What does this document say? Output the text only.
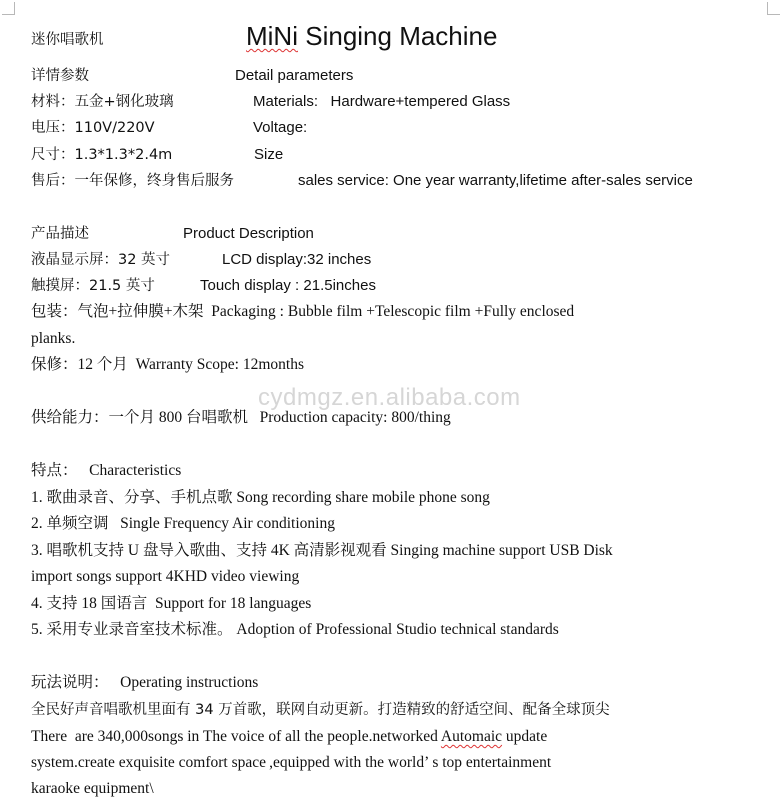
迷你唱歌机	MiNi Singing Machine
详情参数	Detail parameters
材料：五金+钢化玻璃	Materials:   Hardware+tempered Glass
电压：110V/220V	Voltage:
尺寸：1.3*1.3*2.4m	Size
售后：一年保修，终身售后服务	sales service: One year warranty,lifetime after-sales service
产品描述	Product Description
液晶显示屏：32 英寸	LCD display:32 inches
触摸屏：21.5 英寸	Touch display : 21.5inches
包装：气泡+拉伸膜+木架  Packaging : Bubble film +Telescopic film +Fully enclosed
planks.
保修：12 个月  Warranty Scope: 12months
cydmgz.en.alibaba.com
供给能力：一个月 800 台唱歌机   Production capacity: 800/thing
特点：   Characteristics
1. 歌曲录音、分享、手机点歌 Song recording share mobile phone song
2. 单频空调   Single Frequency Air conditioning
3. 唱歌机支持 U 盘导入歌曲、支持 4K 高清影视观看 Singing machine support USB Disk
import songs support 4KHD video viewing
4. 支持 18 国语言  Support for 18 languages
5. 采用专业录音室技术标准。 Adoption of Professional Studio technical standards
玩法说明：   Operating instructions
全民好声音唱歌机里面有 34 万首歌，联网自动更新。打造精致的舒适空间、配备全球顶尖
There  are 340,000songs in The voice of all the people.networked Automaic update
system.create exquisite comfort space ,equipped with the world’ s top entertainment
karaoke equipment\
